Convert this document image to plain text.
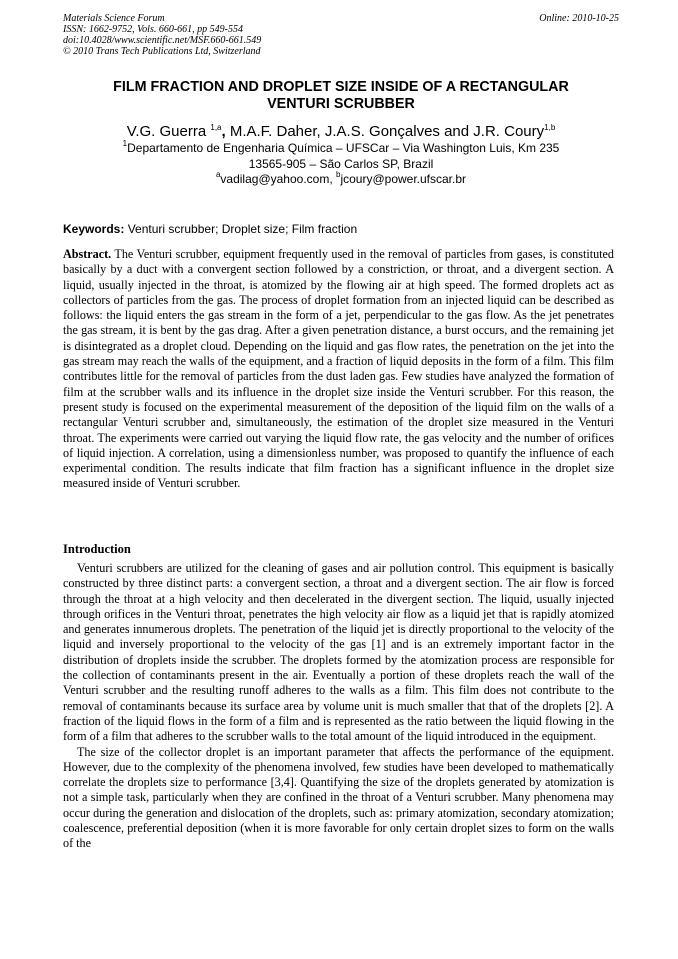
Materials Science Forum
ISSN: 1662-9752, Vols. 660-661, pp 549-554
doi:10.4028/www.scientific.net/MSF.660-661.549
© 2010 Trans Tech Publications Ltd, Switzerland
Online: 2010-10-25
FILM FRACTION AND DROPLET SIZE INSIDE OF A RECTANGULAR
VENTURI SCRUBBER
V.G. Guerra $^{1,a}$, M.A.F. Daher, J.A.S. Gonçalves and J.R. Coury$^{1,b}$
$^1$Departamento de Engenharia Química – UFSCar – Via Washington Luis, Km 235
13565-905 – São Carlos SP, Brazil
$^a$vadilag@yahoo.com, $^b$jcoury@power.ufscar.br
Keywords: Venturi scrubber; Droplet size; Film fraction

Abstract. The Venturi scrubber, equipment frequently used in the removal of particles from gases, is constituted basically by a duct with a convergent section followed by a constriction, or throat, and a divergent section. A liquid, usually injected in the throat, is atomized by the flowing air at high speed. The formed droplets act as collectors of particles from the gas. The process of droplet formation from an injected liquid can be described as follows: the liquid enters the gas stream in the form of a jet, perpendicular to the gas flow. As the jet penetrates the gas stream, it is bent by the gas drag. After a given penetration distance, a burst occurs, and the remaining jet is disintegrated as a droplet cloud. Depending on the liquid and gas flow rates, the penetration on the jet into the gas stream may reach the walls of the equipment, and a fraction of liquid deposits in the form of a film. This film contributes little for the removal of particles from the dust laden gas. Few studies have analyzed the formation of film at the scrubber walls and its influence in the droplet size inside the Venturi scrubber. For this reason, the present study is focused on the experimental measurement of the deposition of the liquid film on the walls of a rectangular Venturi scrubber and, simultaneously, the estimation of the droplet size measured in the Venturi throat. The experiments were carried out varying the liquid flow rate, the gas velocity and the number of orifices of liquid injection. A correlation, using a dimensionless number, was proposed to quantify the influence of each experimental condition. The results indicate that film fraction has a significant influence in the droplet size measured inside of Venturi scrubber.

Introduction

Venturi scrubbers are utilized for the cleaning of gases and air pollution control. This equipment is basically constructed by three distinct parts: a convergent section, a throat and a divergent section. The air flow is forced through the throat at a high velocity and then decelerated in the divergent section. The liquid, usually injected through orifices in the Venturi throat, penetrates the high velocity air flow as a liquid jet that is rapidly atomized and generates innumerous droplets. The penetration of the liquid jet is directly proportional to the velocity of the liquid and inversely proportional to the velocity of the gas [1] and is an extremely important factor in the distribution of droplets inside the scrubber. The droplets formed by the atomization process are responsible for the collection of contaminants present in the air. Eventually a portion of these droplets reach the wall of the Venturi scrubber and the resulting runoff adheres to the walls as a film. This film does not contribute to the removal of contaminants because its surface area by volume unit is much smaller that that of the droplets [2]. A fraction of the liquid flows in the form of a film and is represented as the ratio between the liquid flowing in the form of a film that adheres to the scrubber walls to the total amount of the liquid introduced in the equipment.

The size of the collector droplet is an important parameter that affects the performance of the equipment. However, due to the complexity of the phenomena involved, few studies have been developed to mathematically correlate the droplets size to performance [3,4]. Quantifying the size of the droplets generated by atomization is not a simple task, particularly when they are confined in the throat of a Venturi scrubber. Many phenomena may occur during the generation and dislocation of the droplets, such as: primary atomization, secondary atomization; coalescence, preferential deposition (when it is more favorable for only certain droplet sizes to form on the walls of the
